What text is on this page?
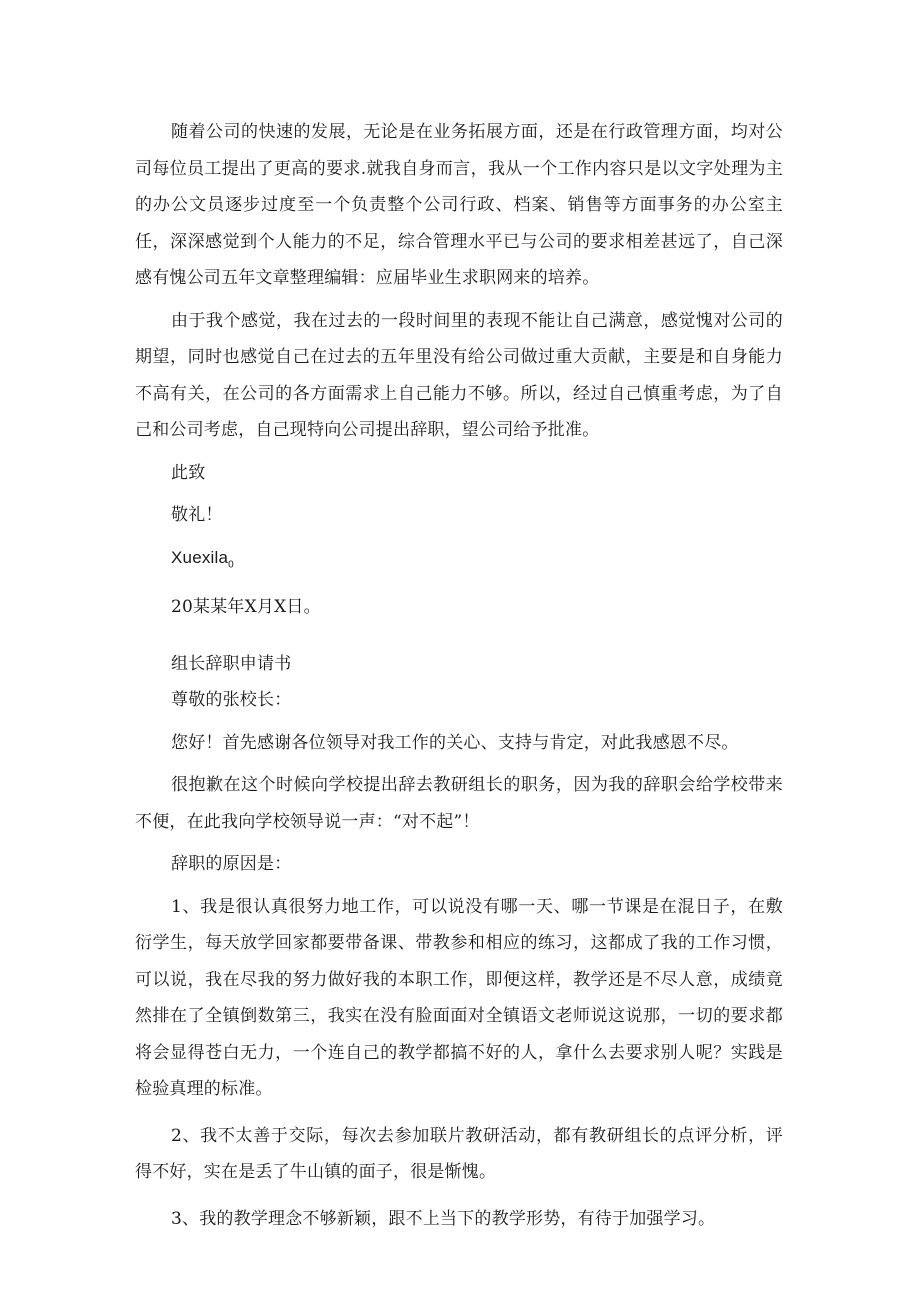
随着公司的快速的发展，无论是在业务拓展方面，还是在行政管理方面，均对公司每位员工提出了更高的要求.就我自身而言，我从一个工作内容只是以文字处理为主的办公文员逐步过度至一个负责整个公司行政、档案、销售等方面事务的办公室主任，深深感觉到个人能力的不足，综合管理水平已与公司的要求相差甚远了，自己深感有愧公司五年文章整理编辑：应届毕业生求职网来的培养。

由于我个感觉，我在过去的一段时间里的表现不能让自己满意，感觉愧对公司的期望，同时也感觉自己在过去的五年里没有给公司做过重大贡献，主要是和自身能力不高有关，在公司的各方面需求上自己能力不够。所以，经过自己慎重考虑，为了自己和公司考虑，自己现特向公司提出辞职，望公司给予批准。

此致

敬礼！

Xuexila$_0$

20某某年X月X日。

组长辞职申请书

尊敬的张校长：

您好！首先感谢各位领导对我工作的关心、支持与肯定，对此我感恩不尽。

很抱歉在这个时候向学校提出辞去教研组长的职务，因为我的辞职会给学校带来不便，在此我向学校领导说一声：“对不起”！

辞职的原因是：

1、我是很认真很努力地工作，可以说没有哪一天、哪一节课是在混日子，在敷衍学生，每天放学回家都要带备课、带教参和相应的练习，这都成了我的工作习惯，可以说，我在尽我的努力做好我的本职工作，即便这样，教学还是不尽人意，成绩竟然排在了全镇倒数第三，我实在没有脸面面对全镇语文老师说这说那，一切的要求都将会显得苍白无力，一个连自己的教学都搞不好的人，拿什么去要求别人呢？实践是检验真理的标准。

2、我不太善于交际，每次去参加联片教研活动，都有教研组长的点评分析，评得不好，实在是丢了牛山镇的面子，很是惭愧。

3、我的教学理念不够新颖，跟不上当下的教学形势，有待于加强学习。
